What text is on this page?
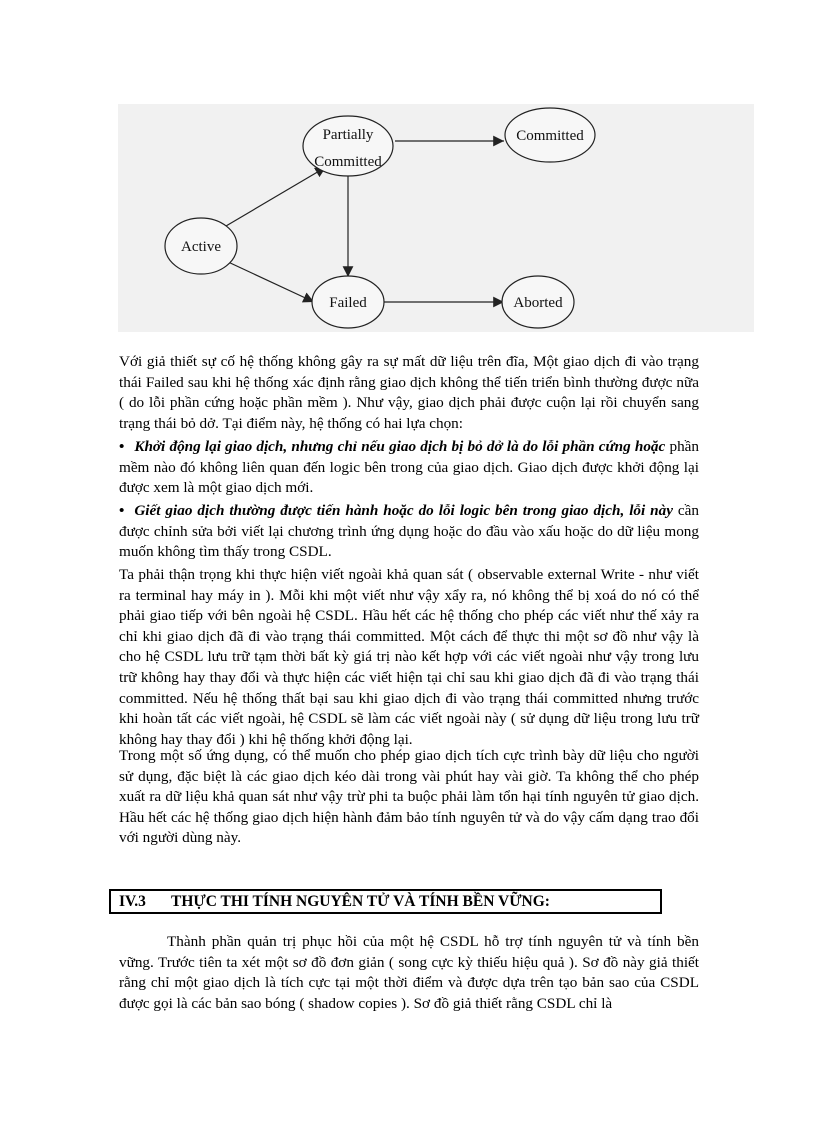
Partially
Committed
Committed
Active
Failed	Aborted

Với giả thiết sự cố hệ thống không gây ra sự mất dữ liệu trên đĩa, Một giao dịch đi vào trạng thái Failed sau khi hệ thống xác định rằng giao dịch không thể tiến triển bình thường được nữa ( do lỗi phần cứng hoặc phần mềm ). Như vậy, giao dịch phải được cuộn lại rồi chuyển sang trạng thái bỏ dở. Tại điểm này, hệ thống có hai lựa chọn:

• Khởi động lại giao dịch, nhưng chỉ nếu giao dịch bị bỏ dở là do lỗi phần cứng hoặc phần mềm nào đó không liên quan đến logic bên trong của giao dịch. Giao dịch được khởi động lại được xem là một giao dịch mới.
• Giết giao dịch thường được tiến hành hoặc do lỗi logic bên trong giao dịch, lỗi này cần được chỉnh sửa bởi viết lại chương trình ứng dụng hoặc do đầu vào xấu hoặc do dữ liệu mong muốn không tìm thấy trong CSDL.

Ta phải thận trọng khi thực hiện viết ngoài khả quan sát ( observable external Write - như viết ra terminal hay máy in ). Mỗi khi một viết như vậy xẩy ra, nó không thể bị xoá do nó có thể phải giao tiếp với bên ngoài hệ CSDL. Hầu hết các hệ thống cho phép các viết như thế xảy ra chỉ khi giao dịch đã đi vào trạng thái committed. Một cách để thực thi một sơ đồ như vậy là cho hệ CSDL lưu trữ tạm thời bất kỳ giá trị nào kết hợp với các viết ngoài như vậy trong lưu trữ không hay thay đổi và thực hiện các viết hiện tại chỉ sau khi giao dịch đã đi vào trạng thái committed. Nếu hệ thống thất bại sau khi giao dịch đi vào trạng thái committed nhưng trước khi hoàn tất các viết ngoài, hệ CSDL sẽ làm các viết ngoài này ( sử dụng dữ liệu trong lưu trữ không hay thay đổi ) khi hệ thống khởi động lại.

Trong một số ứng dụng, có thể muốn cho phép giao dịch tích cực trình bày dữ liệu cho người sử dụng, đặc biệt là các giao dịch kéo dài trong vài phút hay vài giờ. Ta không thể cho phép xuất ra dữ liệu khả quan sát như vậy trừ phi ta buộc phải làm tổn hại tính nguyên tử giao dịch. Hầu hết các hệ thống giao dịch hiện hành đảm bảo tính nguyên tử và do vậy cấm dạng trao đổi với người dùng này.

IV.3 THỰC THI TÍNH NGUYÊN TỬ VÀ TÍNH BỀN VỮNG:

Thành phần quản trị phục hồi của một hệ CSDL hỗ trợ tính nguyên tử và tính bền vững. Trước tiên ta xét một sơ đồ đơn giản ( song cực kỳ thiếu hiệu quả ). Sơ đồ này giả thiết rằng chỉ một giao dịch là tích cực tại một thời điểm và được dựa trên tạo bản sao của CSDL được gọi là các bản sao bóng ( shadow copies ). Sơ đồ giả thiết rằng CSDL chỉ là
